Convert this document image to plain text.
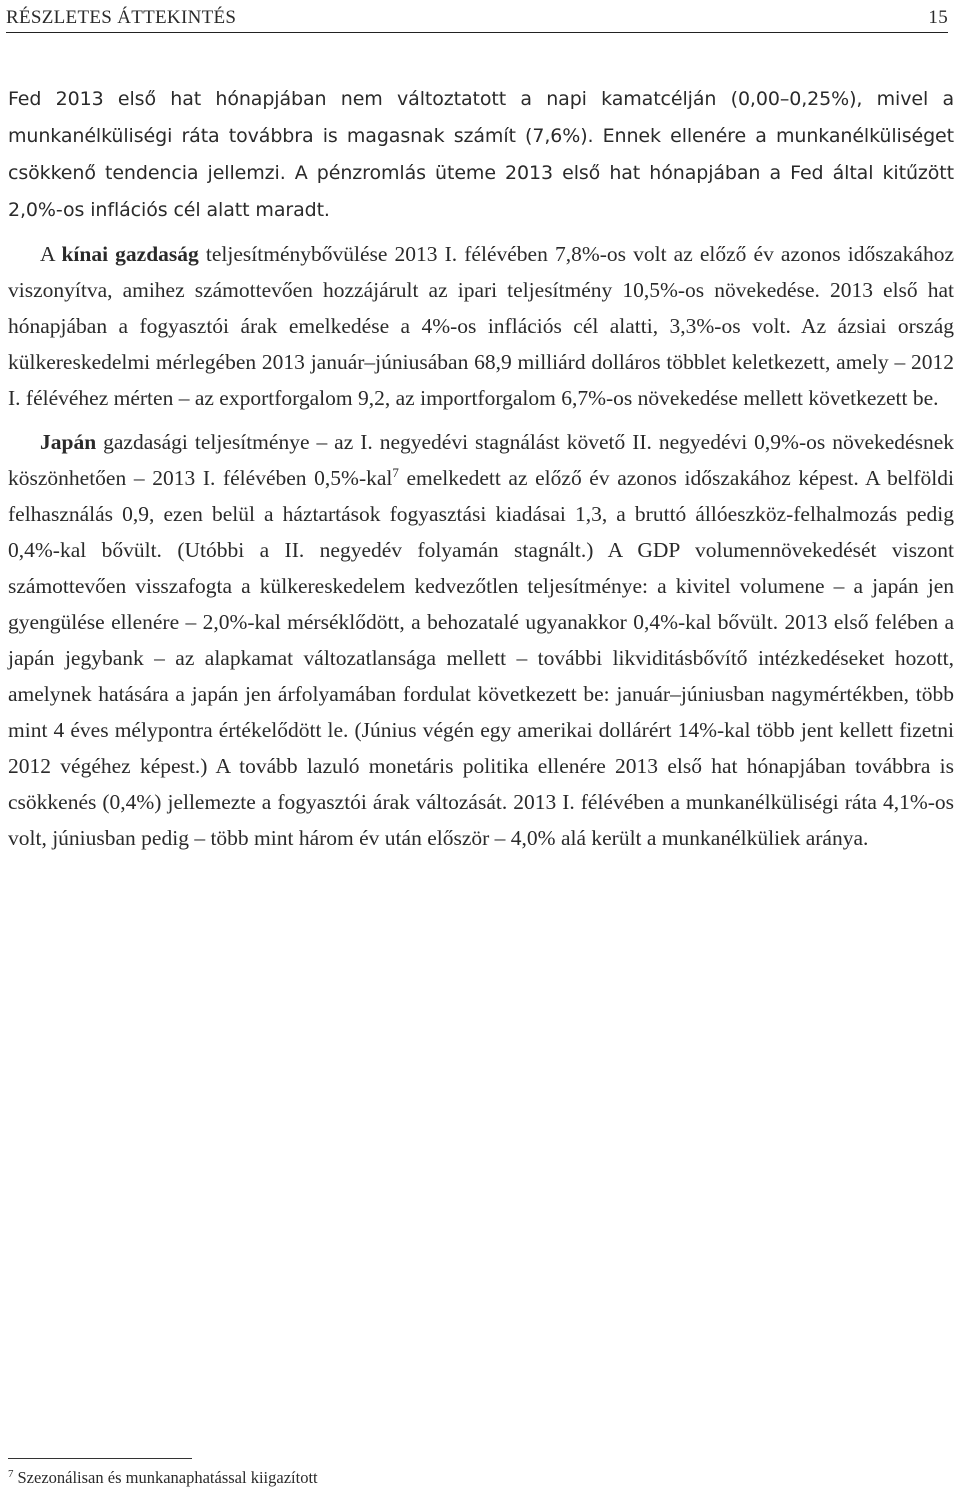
RÉSZLETES ÁTTEKINTÉS	15

Fed 2013 első hat hónapjában nem változtatott a napi kamatcélján (0,00–0,25%), mivel a munkanélküliségi ráta továbbra is magasnak számít (7,6%). Ennek ellenére a munkanélküliséget csökkenő tendencia jellemzi. A pénzromlás üteme 2013 első hat hónapjában a Fed által kitűzött 2,0%-os inflációs cél alatt maradt.

A kínai gazdaság teljesítménybővülése 2013 I. félévében 7,8%-os volt az előző év azonos időszakához viszonyítva, amihez számottevően hozzájárult az ipari teljesítmény 10,5%-os növekedése. 2013 első hat hónapjában a fogyasztói árak emelkedése a 4%-os inflációs cél alatti, 3,3%-os volt. Az ázsiai ország külkereskedelmi mérlegében 2013 január–júniusában 68,9 milliárd dolláros többlet keletkezett, amely – 2012 I. félévéhez mérten – az exportforgalom 9,2, az importforgalom 6,7%-os növekedése mellett következett be.

Japán gazdasági teljesítménye – az I. negyedévi stagnálást követő II. negyedévi 0,9%-os növekedésnek köszönhetően – 2013 I. félévében 0,5%-kal$^7$ emelkedett az előző év azonos időszakához képest. A belföldi felhasználás 0,9, ezen belül a háztartások fogyasztási kiadásai 1,3, a bruttó állóeszköz-felhalmozás pedig 0,4%-kal bővült. (Utóbbi a II. negyedév folyamán stagnált.) A GDP volumennövekedését viszont számottevően visszafogta a külkereskedelem kedvezőtlen teljesítménye: a kivitel volumene – a japán jen gyengülése ellenére – 2,0%-kal mérséklődött, a behozatalé ugyanakkor 0,4%-kal bővült. 2013 első felében a japán jegybank – az alapkamat változatlansága mellett – további likviditásbővítő intézkedéseket hozott, amelynek hatására a japán jen árfolyamában fordulat következett be: január–júniusban nagymértékben, több mint 4 éves mélypontra értékelődött le. (Június végén egy amerikai dollárért 14%-kal több jent kellett fizetni 2012 végéhez képest.) A tovább lazuló monetáris politika ellenére 2013 első hat hónapjában továbbra is csökkenés (0,4%) jellemezte a fogyasztói árak változását. 2013 I. félévében a munkanélküliségi ráta 4,1%-os volt, júniusban pedig – több mint három év után először – 4,0% alá került a munkanélküliek aránya.

$^7$ Szezonálisan és munkanaphatással kiigazított
